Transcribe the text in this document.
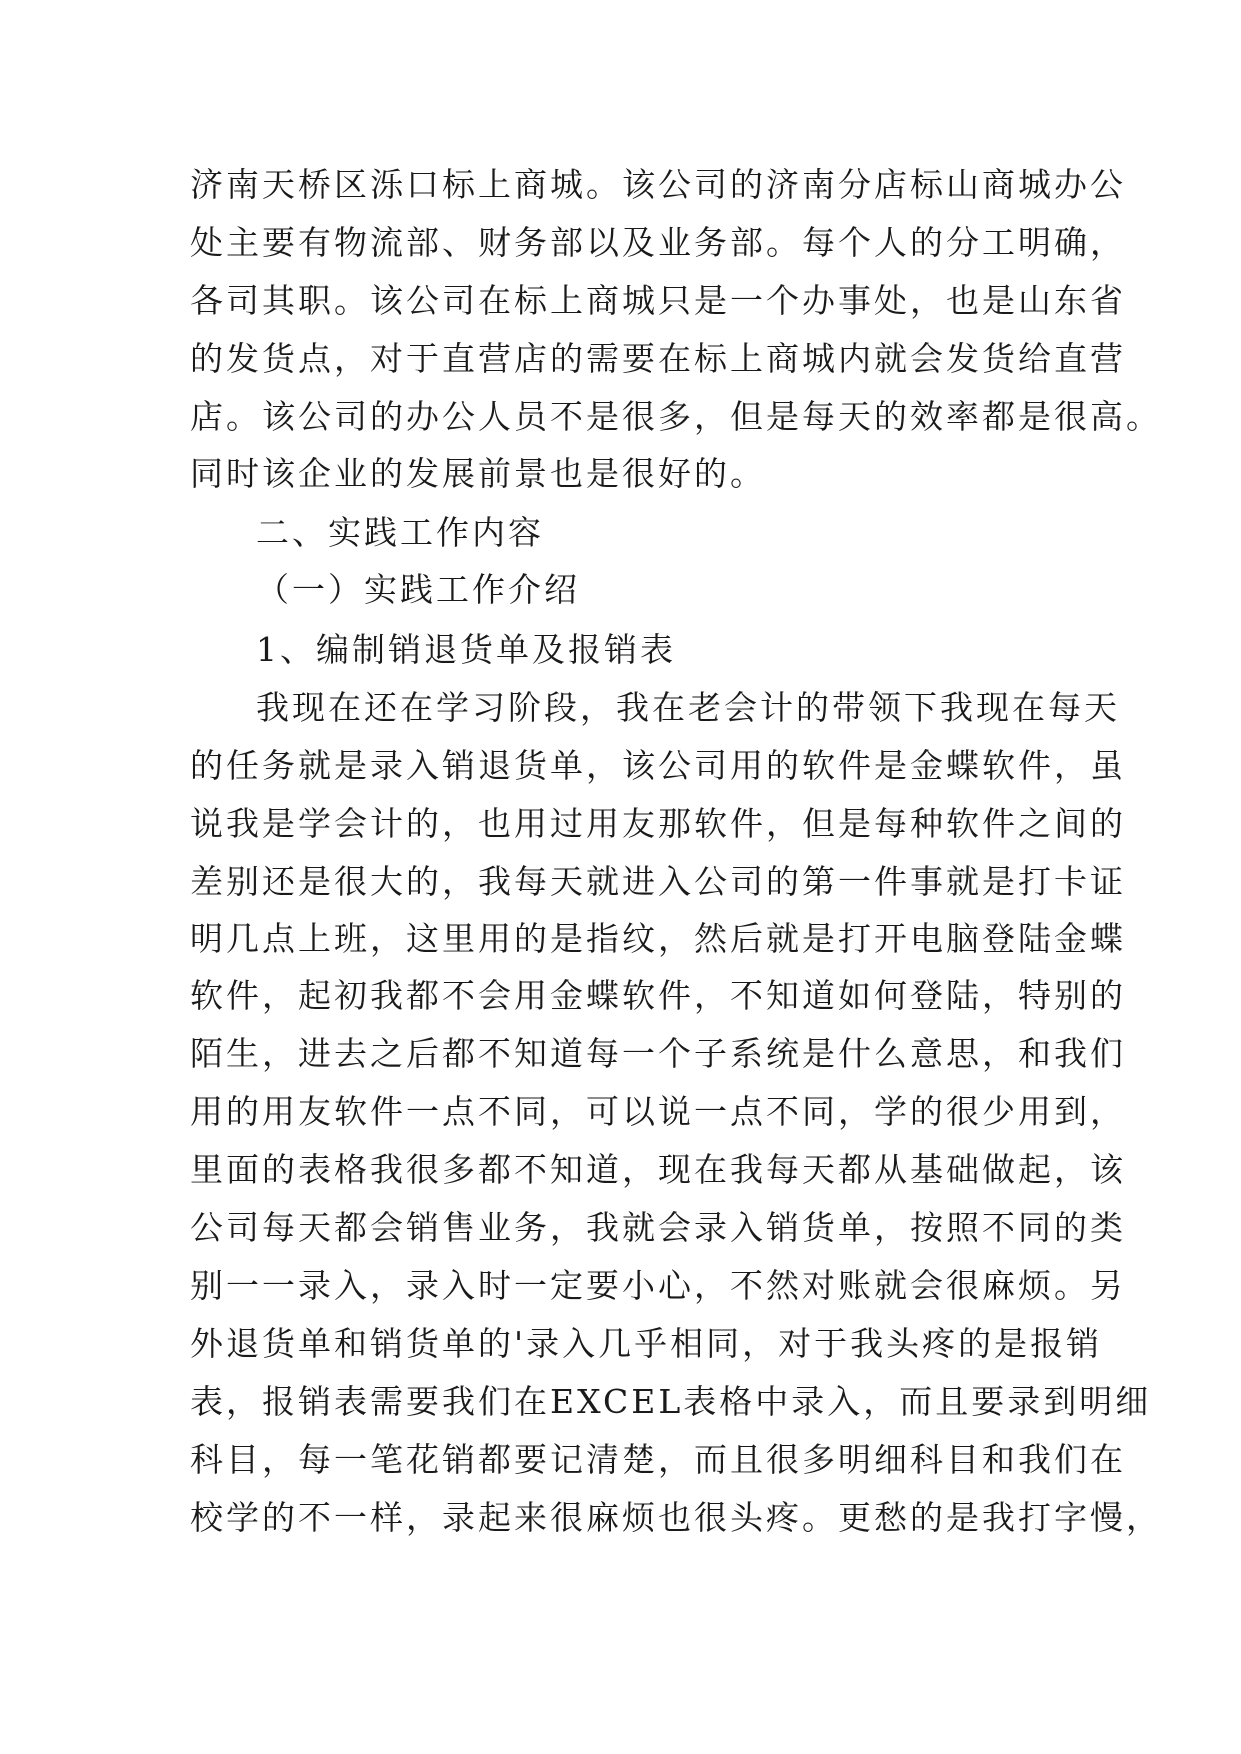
济南天桥区泺口标上商城。该公司的济南分店标山商城办公
处主要有物流部、财务部以及业务部。每个人的分工明确，
各司其职。该公司在标上商城只是一个办事处，也是山东省
的发货点，对于直营店的需要在标上商城内就会发货给直营
店。该公司的办公人员不是很多，但是每天的效率都是很高。
同时该企业的发展前景也是很好的。
二、实践工作内容
（一）实践工作介绍
1、编制销退货单及报销表
我现在还在学习阶段，我在老会计的带领下我现在每天
的任务就是录入销退货单，该公司用的软件是金蝶软件，虽
说我是学会计的，也用过用友那软件，但是每种软件之间的
差别还是很大的，我每天就进入公司的第一件事就是打卡证
明几点上班，这里用的是指纹，然后就是打开电脑登陆金蝶
软件，起初我都不会用金蝶软件，不知道如何登陆，特别的
陌生，进去之后都不知道每一个子系统是什么意思，和我们
用的用友软件一点不同，可以说一点不同，学的很少用到，
里面的表格我很多都不知道，现在我每天都从基础做起，该
公司每天都会销售业务，我就会录入销货单，按照不同的类
别一一录入，录入时一定要小心，不然对账就会很麻烦。另
外退货单和销货单的'录入几乎相同，对于我头疼的是报销
表，报销表需要我们在EXCEL表格中录入，而且要录到明细
科目，每一笔花销都要记清楚，而且很多明细科目和我们在
校学的不一样，录起来很麻烦也很头疼。更愁的是我打字慢，
